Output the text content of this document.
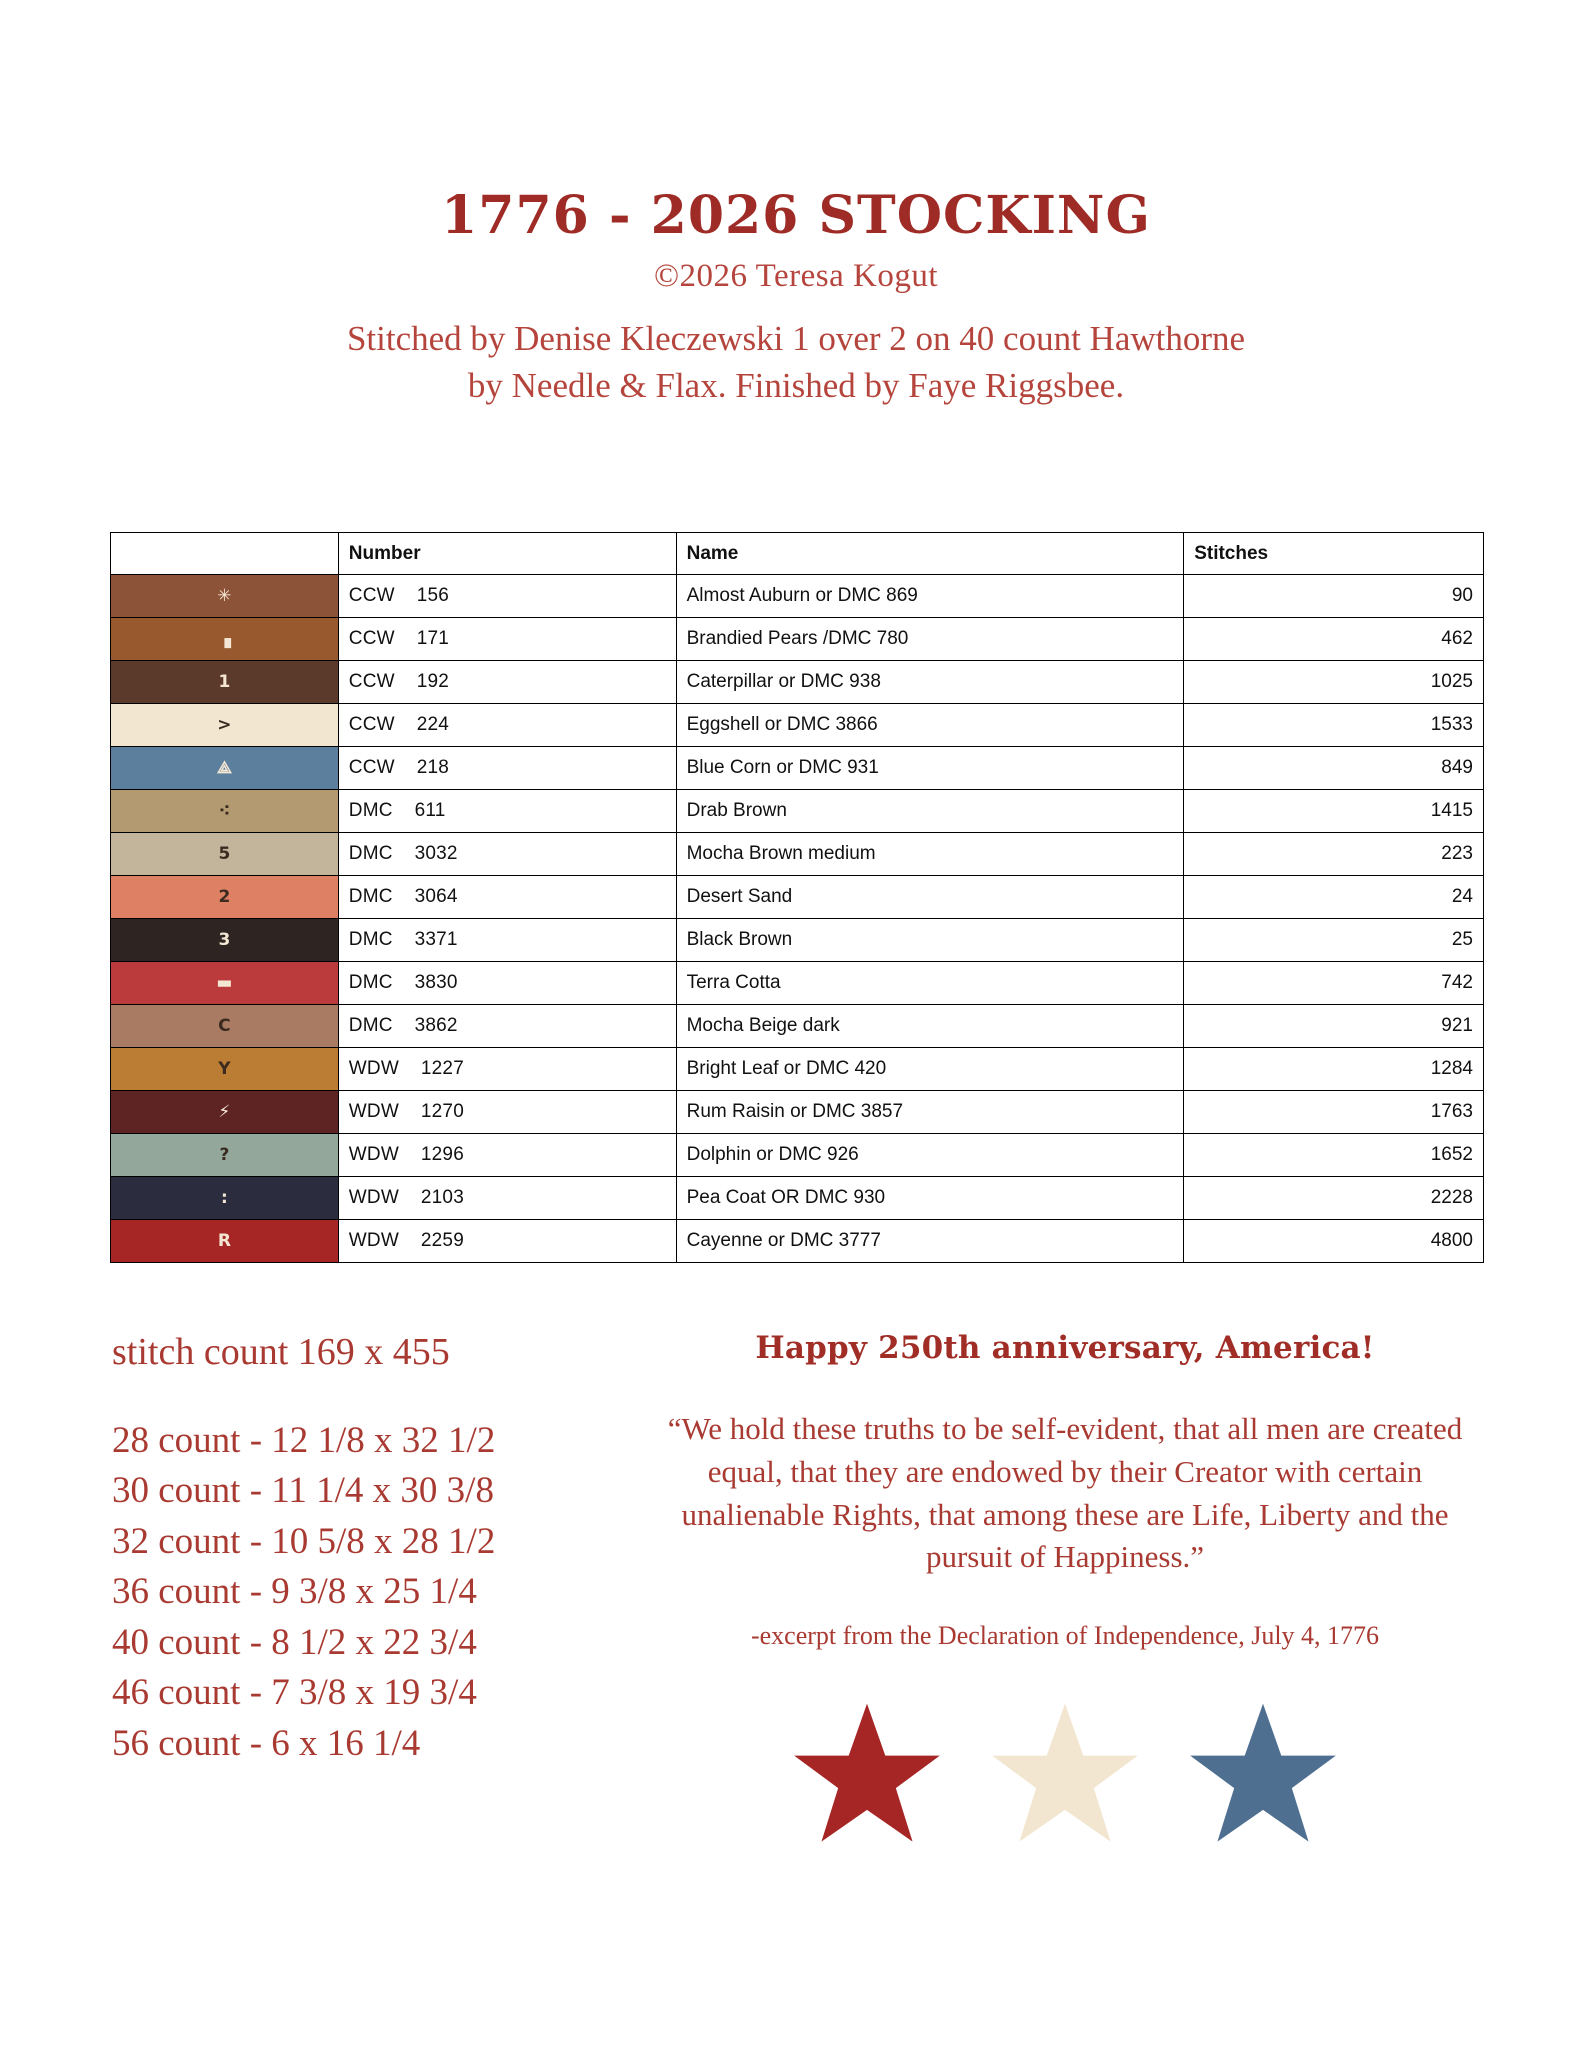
1776 - 2026 STOCKING
©2026 Teresa Kogut
Stitched by Denise Kleczewski 1 over 2 on 40 count Hawthorne
by Needle & Flax. Finished by Faye Riggsbee.
	Number	Name	Stitches

✳	CCW    156	Almost Auburn or DMC 869	90

▗	CCW    171	Brandied Pears /DMC 780	462

1	CCW    192	Caterpillar or DMC 938	1025

>	CCW    224	Eggshell or DMC 3866	1533

⟁	CCW    218	Blue Corn or DMC 931	849

⁖	DMC    611	Drab Brown	1415

5	DMC    3032	Mocha Brown medium	223

2	DMC    3064	Desert Sand	24

3	DMC    3371	Black Brown	25

▬	DMC    3830	Terra Cotta	742

C	DMC    3862	Mocha Beige dark	921

Y	WDW    1227	Bright Leaf or DMC 420	1284

⚡	WDW    1270	Rum Raisin or DMC 3857	1763

?	WDW    1296	Dolphin or DMC 926	1652

:	WDW    2103	Pea Coat OR DMC 930	2228

R	WDW    2259	Cayenne or DMC 3777	4800
stitch count 169 x 455
28 count - 12 1/8 x 32 1/2
30 count - 11 1/4 x 30 3/8
32 count - 10 5/8 x 28 1/2
36 count - 9 3/8 x 25 1/4
40 count - 8 1/2 x 22 3/4
46 count - 7 3/8 x 19 3/4
56 count - 6 x 16 1/4
Happy 250th anniversary, America!
“We hold these truths to be self-evident, that all men are created equal, that they are endowed by their Creator with certain unalienable Rights, that among these are Life, Liberty and the pursuit of Happiness.”
-excerpt from the Declaration of Independence, July 4, 1776
